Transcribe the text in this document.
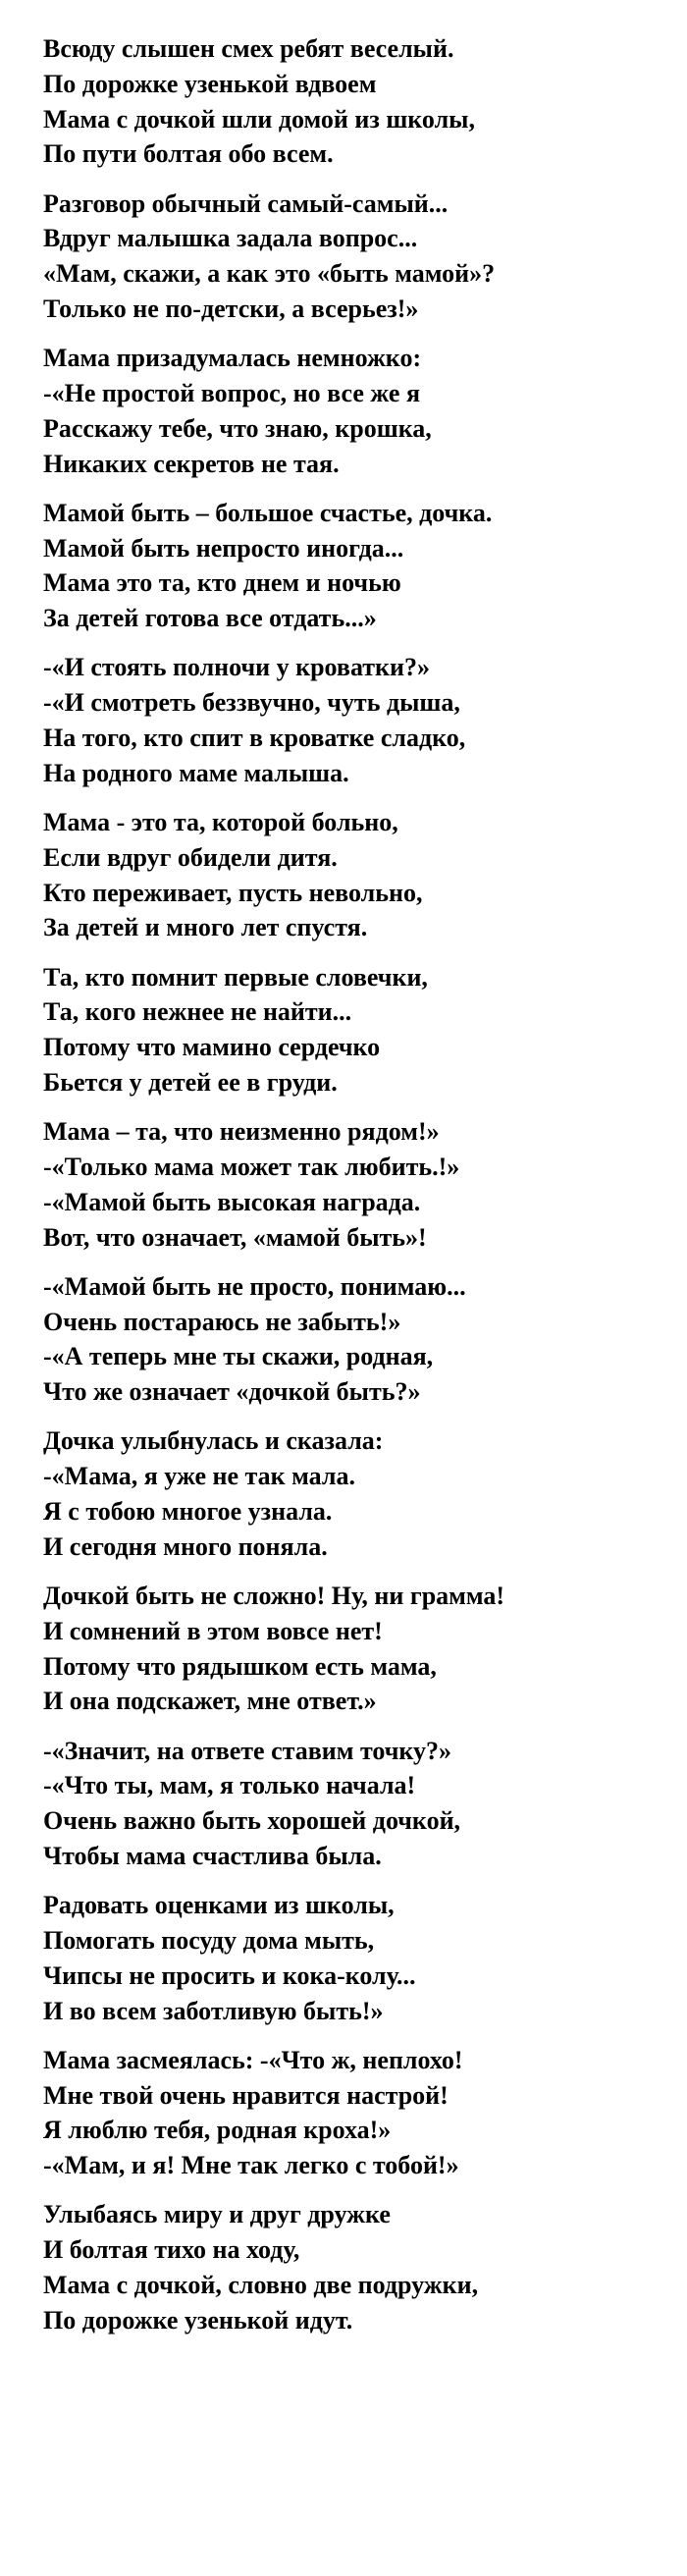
Всюду слышен смех ребят веселый.
По дорожке узенькой вдвоем
Мама с дочкой шли домой из школы,
По пути болтая обо всем.
Разговор обычный самый-самый...
Вдруг малышка задала вопрос...
«Мам, скажи, а как это «быть мамой»?
Только не по-детски, а всерьез!»
Мама призадумалась немножко:
-«Не простой вопрос, но все же я
Расскажу тебе, что знаю, крошка,
Никаких секретов не тая.
Мамой быть – большое счастье, дочка.
Мамой быть непросто иногда...
Мама это та, кто днем и ночью
За детей готова все отдать...»
-«И стоять полночи у кроватки?»
-«И смотреть беззвучно, чуть дыша,
На того, кто спит в кроватке сладко,
На родного маме малыша.
Мама - это та, которой больно,
Если вдруг обидели дитя.
Кто переживает, пусть невольно,
За детей и много лет спустя.
Та, кто помнит первые словечки,
Та, кого нежнее не найти...
Потому что мамино сердечко
Бьется у детей ее в груди.
Мама – та, что неизменно рядом!»
-«Только мама может так любить.!»
-«Мамой быть высокая награда.
Вот, что означает, «мамой быть»!
-«Мамой быть не просто, понимаю...
Очень постараюсь не забыть!»
-«А теперь мне ты скажи, родная,
Что же означает «дочкой быть?»
Дочка улыбнулась и сказала:
-«Мама, я уже не так мала.
Я с тобою многое узнала.
И сегодня много поняла.
Дочкой быть не сложно! Ну, ни грамма!
И сомнений в этом вовсе нет!
Потому что рядышком есть мама,
И она подскажет, мне ответ.»
-«Значит, на ответе ставим точку?»
-«Что ты, мам, я только начала!
Очень важно быть хорошей дочкой,
Чтобы мама счастлива была.
Радовать оценками из школы,
Помогать посуду дома мыть,
Чипсы не просить и кока-колу...
И во всем заботливую быть!»
Мама засмеялась: -«Что ж, неплохо!
Мне твой очень нравится настрой!
Я люблю тебя, родная кроха!»
-«Мам, и я! Мне так легко с тобой!»
Улыбаясь миру и друг дружке
И болтая тихо на ходу,
Мама с дочкой, словно две подружки,
По дорожке узенькой идут.
